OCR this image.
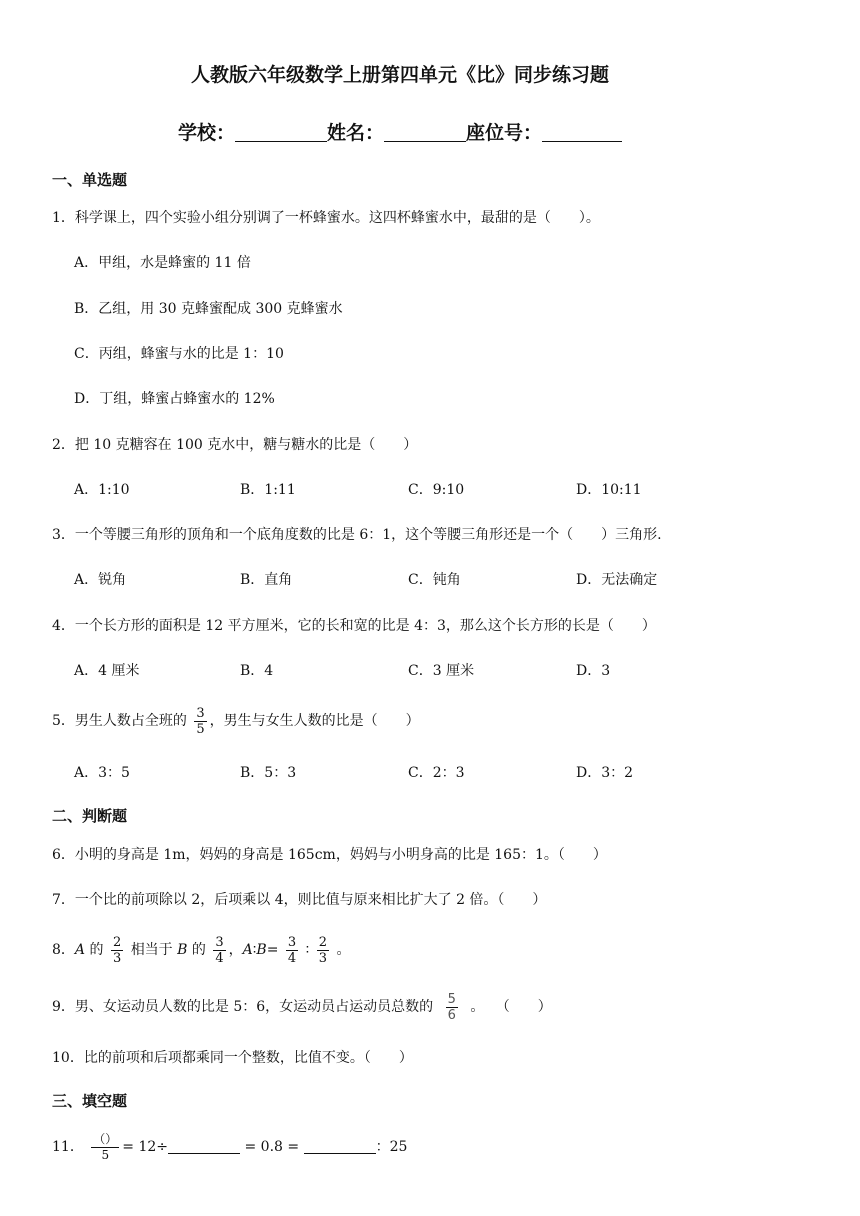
人教版六年级数学上册第四单元《比》同步练习题
学校：	姓名：	座位号：
一、单选题
1．科学课上，四个实验小组分别调了一杯蜂蜜水。这四杯蜂蜜水中，最甜的是（　　）。
A．甲组，水是蜂蜜的 11 倍
B．乙组，用 30 克蜂蜜配成 300 克蜂蜜水
C．丙组，蜂蜜与水的比是 1：10
D．丁组，蜂蜜占蜂蜜水的 12%
2．把 10 克糖容在 100 克水中，糖与糖水的比是（　　）
A．1:10	B．1:11	C．9:10	D．10:11
3．一个等腰三角形的顶角和一个底角度数的比是 6：1，这个等腰三角形还是一个（　　）三角形.
A．锐角	B．直角	C．钝角	D．无法确定
4．一个长方形的面积是 12 平方厘米，它的长和宽的比是 4：3，那么这个长方形的长是（　　）
A．4 厘米	B．4	C．3 厘米	D．3
5．男生人数占全班的 $\frac{3}{5}$ ，男生与女生人数的比是（　　）
A．3：5	B．5：3	C．2：3	D．3：2
二、判断题
6．小明的身高是 1m，妈妈的身高是 165cm，妈妈与小明身高的比是 165：1。（　　）
7．一个比的前项除以 2，后项乘以 4，则比值与原来相比扩大了 2 倍。（　　）
8．A 的 $\frac{2}{3}$ 相当于 B 的 $\frac{3}{4}$ ，A∶B= $\frac{3}{4}$ ∶ $\frac{2}{3}$ 。
9．男、女运动员人数的比是 5：6，女运动员占运动员总数的 $\frac{5}{6}$ 。　 （　　）
10．比的前项和后项都乘同一个整数，比值不变。（　　）
三、填空题
11． $\frac{()}{5} = 12\div$	= 0.8 =	：25
